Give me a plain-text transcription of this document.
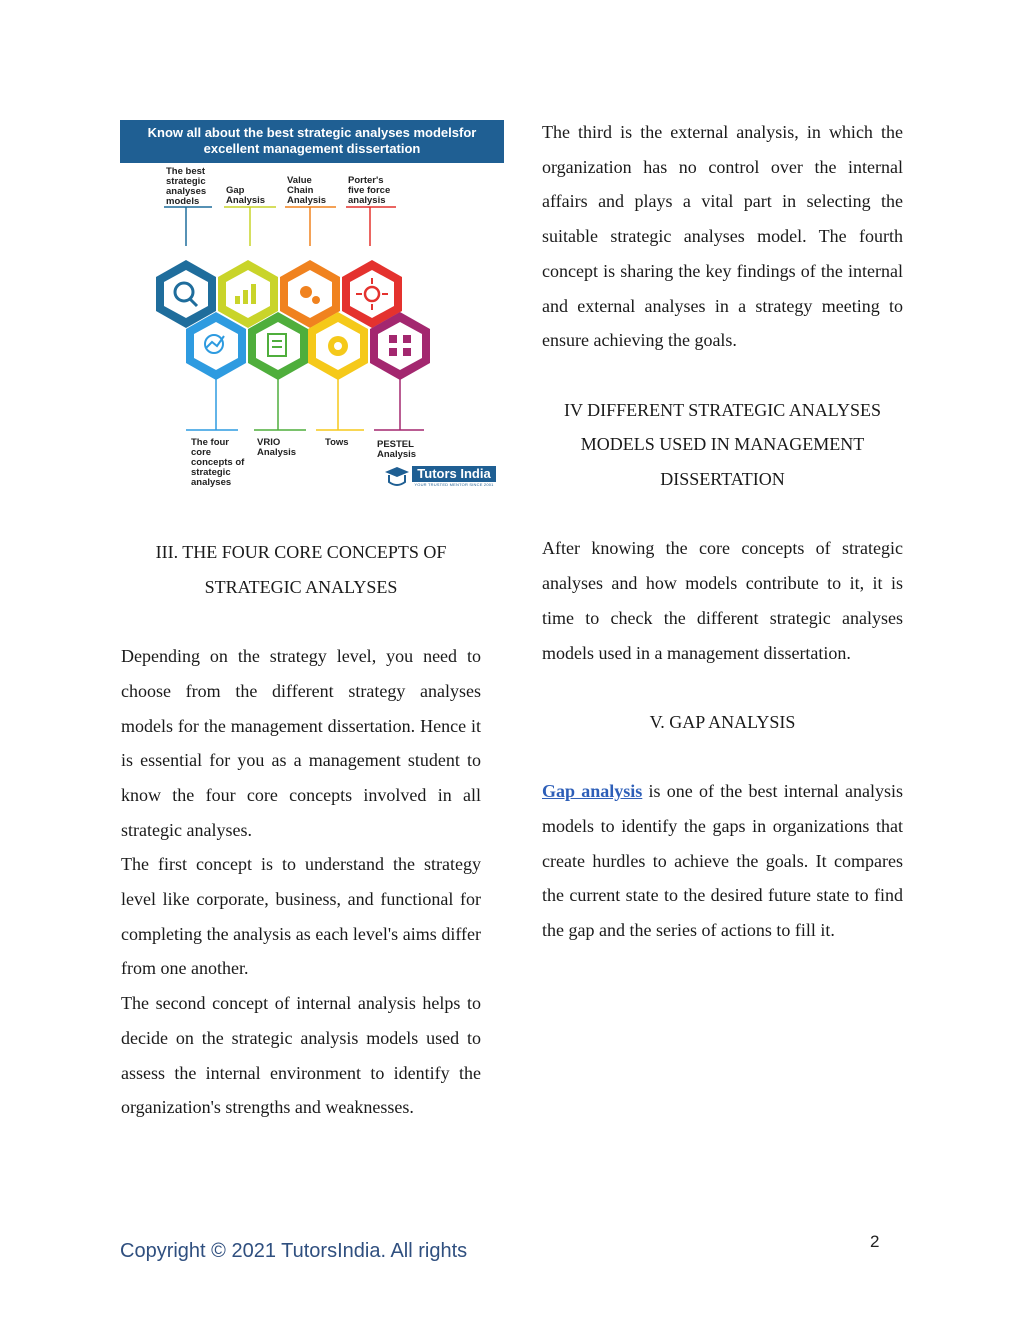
Know all about the best strategic analyses modelsfor excellent management dissertation
The best
strategic
analyses
models
Gap
Analysis
Value
Chain
Analysis
Porter's
five force
analysis
The four
core
concepts of
strategic
analyses
VRIO
Analysis
Tows	PESTEL
Analysis
Tutors India
YOUR TRUSTED MENTOR SINCE 2001

III. THE FOUR CORE CONCEPTS OF

STRATEGIC ANALYSES

Depending on the strategy level, you need to choose from the different strategy analyses models for the management dissertation. Hence it is essential for you as a management student to know the four core concepts involved in all strategic analyses.

The first concept is to understand the strategy level like corporate, business, and functional for completing the analysis as each level's aims differ from one another.

The second concept of internal analysis helps to decide on the strategic analysis models used to assess the internal environment to identify the organization's strengths and weaknesses.

The third is the external analysis, in which the organization has no control over the internal affairs and plays a vital part in selecting the suitable strategic analyses model. The fourth concept is sharing the key findings of the internal and external analyses in a strategy meeting to ensure achieving the goals.

IV DIFFERENT STRATEGIC ANALYSES

MODELS USED IN MANAGEMENT

DISSERTATION

After knowing the core concepts of strategic analyses and how models contribute to it, it is time to check the different strategic analyses models used in a management dissertation.

V. GAP ANALYSIS

Gap analysis is one of the best internal analysis models to identify the gaps in organizations that create hurdles to achieve the goals. It compares the current state to the desired future state to find the gap and the series of actions to fill it.

Copyright © 2021 TutorsIndia. All rights	2
